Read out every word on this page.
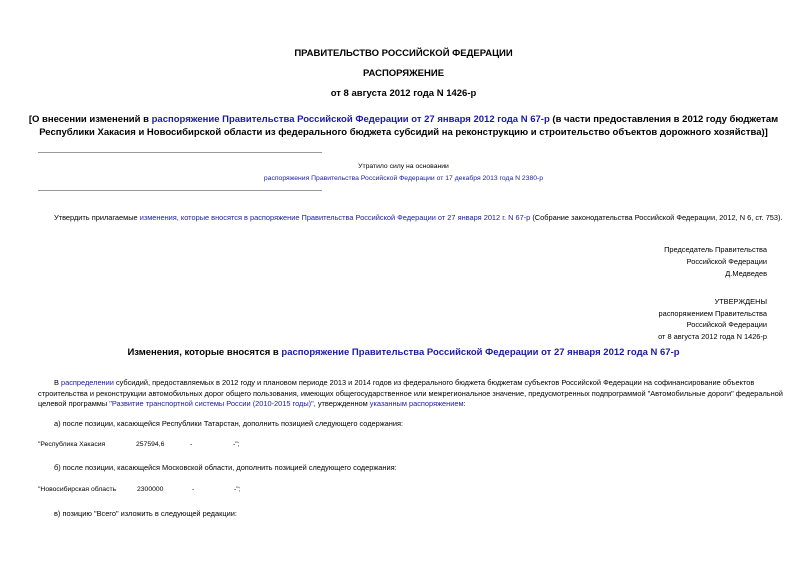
ПРАВИТЕЛЬСТВО РОССИЙСКОЙ ФЕДЕРАЦИИ
РАСПОРЯЖЕНИЕ
от 8 августа 2012 года N 1426-р
[О внесении изменений в распоряжение Правительства Российской Федерации от 27 января 2012 года N 67-р (в части предоставления в 2012 году бюджетам
Республики Хакасия и Новосибирской области из федерального бюджета субсидий на реконструкцию и строительство объектов дорожного хозяйства)]
Утратило силу на основании
распоряжения Правительства Российской Федерации от 17 декабря 2013 года N 2380-р
Утвердить прилагаемые изменения, которые вносятся в распоряжение Правительства Российской Федерации от 27 января 2012 г. N 67-р (Собрание законодательства Российской Федерации, 2012, N 6, ст. 753).
Председатель Правительства
Российской Федерации
Д.Медведев
УТВЕРЖДЕНЫ
распоряжением Правительства
Российской Федерации
от 8 августа 2012 года N 1426-р
Изменения, которые вносятся в распоряжение Правительства Российской Федерации от 27 января 2012 года N 67-р
В распределении субсидий, предоставляемых в 2012 году и плановом периоде 2013 и 2014 годов из федерального бюджета бюджетам субъектов Российской Федерации на софинансирование объектов
строительства и реконструкции автомобильных дорог общего пользования, имеющих общегосударственное или межрегиональное значение, предусмотренных подпрограммой "Автомобильные дороги" федеральной
целевой программы "Развитие транспортной системы России (2010-2015 годы)", утвержденном указанным распоряжением:
а) после позиции, касающейся Республики Татарстан, дополнить позицией следующего содержания:
"Республика Хакасия	257594,6	-	-";
б) после позиции, касающейся Московской области, дополнить позицией следующего содержания:
"Новосибирская область	2300000	-	-";
в) позицию "Всего" изложить в следующей редакции:
